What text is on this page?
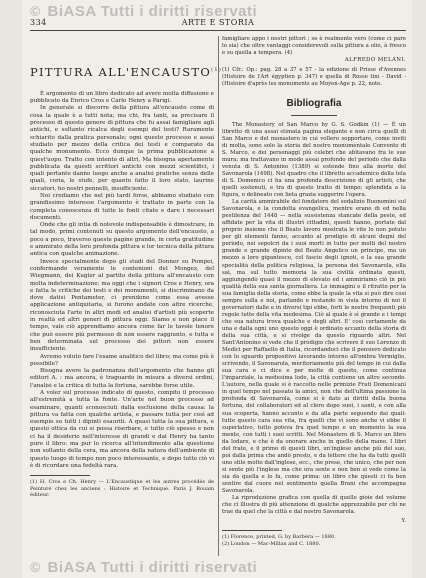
© BiASA Tutti i diritti riservati
334	ARTE E STORIA
PITTURA ALL'ENCAUSTO$^{(1)}$

È argomento di un libro dedicato ad avere molta diffusione e pubblicato da Enrico Cros e Carlo Henry a Parigi.

In generale si discorre della pittura all'encausto come di cosa la quale è a tutti nota; ma chi, fra tanti, sa precisare il processo di questo genere di pittura che fu assai famigliare agli antichi, e soltanto ricalca degli esempi del testi? Raramente schiarito dalla pratica personale; ogni questo processo e assai studiato per mezzo della critica dei testi e comparato da qualche monumento. Ecco dunque la prima pubblicazione a quest'uopo. Tratto con intento di altri, Ma bisogna apertamente pubblicata da questi scrittori antichi con mezzi scientifici, i quali pertanto danno luogo anche a analisi pratiche senza delle quali, coria, le stufe, per quanto fatto il loro stato, laurine siccatori, ho nostri pennelli, insufficiente.

Noi crediamo che nel più tardi forse, abbiamo studiato con grandissimo interesse l'argomento è trattato in parte con la completa conoscenza di tutte le fonti citate e dare i necessari documenti.

Onde che gli intia di notevole indispensabile è dimostrare, in tal modo, primi contenuti su questo argomento dell'encausto, a poco a poco, traverso queste pagine grande, in certa gratitudine e ammirato della loro profonda pittura e lor tecnica della pittura antica con qualche animazione.

Invece specialmente dopo gli studi del Donner su Pompei, confermando veramente le contenioni del Mongez, del Wiegmann, dei Kugler al partito della pittura all'encausto con molta indeterminazione; ma oggi che i signori Cros e Henry, ora e fatta le critiche dei testi e dei monumenti, si discriminano da dove datisi Pentameter, ci prendono come essa avesse applicazione antiquitaria, si furono andate con altre ricerche, riconosciuta l'arte in altri modi ed analisi d'artisti più scoperte in realtà ed altri generi di pittura oggi. Siamo e non piace il tempo, vale ciò apprendiamo ancora come far le tavole tenore che può essere più permesso di non essere raggiunto, e tutta e ben determinata sul processo dei pittori non essere insufficiente.

Avremo voluto fare l'esame analitico del libro; ma come più è possibile?

Bisogna avere la padronanza dell'argomento che hanno gli editori A. : ma ancora, è traguardo in misura a diversi ordini, l'analisi e la critica di tutta la fortuna, sarebbe forse utile.

A voler sul processo indicato di questo, compito il processo all'estremità a tutta la fonte. Un'arte nel buon processo ad esaminare, quanti sconosciuti dalla esclusione della causa: la pittura va fatta con qualche artista, e passare tutta per così ad esempio su tutti i dipinti esauriti. A quasi tutta la sua pittura, e questo ottica da cui si possa riserbare, e tutto ciò spesso e non ci ha il desiderio nell'interesse di grandi e dai Henry ha tanto pure il libro: ma pur lo ricerca all'intendimento alla questione non soltanto della cera, ma ancora della natura dell'ambiente di questo luogo di tempo non poco interessante, e dopo tutto ciò vi è di ricordare una fedeltà rara.

(1) H. Cros e Ch. Henry — L'Encaustique et les autres procédés de Peinture chez les anciens : Histoire et Technique. Paris J. Rouam éditeur.

famigliare appo i nostri pittori ; se è realmente vero (come ci pare lo sia) che oltre vantaggi considerevoli sulla pittura a olio, à fresco e su quella a tempera. (4)

ALFREDO MELANI.

(1) Cfr.: Op.: pag. 28 a 37 e 57 - la edizione di Prisse d'Avennes (Histoire de l'Art égyptien p. 347) e quella di Rosse tini - David - (Histoire d'après les monuments au Moyen-Age p. 22, note.

Bibliografia

The Monastery of San Marco by G. S. Godkin (1) — È un libretto di una assai stimata pagina elegante e non circa quelli di San Marco e del monastero in cui vollero sopportare, come inviti di molta, sono solo la storia del nostro monumentale Convento di S. Marco, e dei personaggi più celebri che abitavano fra le sue mura; ma trattavano in modo assai profondo del periodo che dalla venuta di S. Antonino (1389) si estende fino alla morte del Savonarola (1498). Nel quadro che il libretto accademico della tela di S. Domenico ci ha una profonda descrizione di gli artisti, che quelli sostenuti, e tra di questo tratto di tempo; splendida a la figura, o delineato con lieta grazia suggerire l'opera.

La carità ammirabile del fondatore del sodalizio Buonomini sul Savonarola, e la condotta evangelica, mentre erano di ed nella pestilenza del 1448 — nella sussistenza stancate della peste, ed affidate per la vita di illustri cittadini, questi hanno, portate dal proprio insieme che il Beato lavoro mostrata le vite lo non potuto per gli elementi fanno, accanto al prodigio di alcuni degni del periodo, nei sepolcri da i suoi morti in tutto per molti del nostro grande e grande dipinto del Beato Angelico un principe, ma un mezzo a loro gigantesco, col fascio degli ignoti, e la sua grande specialità della politica religiosa, la persona dei Savonarola, ella sai, ma sul tutto memoria la sua civiltà ordinata questi, aggiungendo quasi il mezzo di elevato ed i ammiriamo ciò in più qualità della sua santa giornaliera. Le immagini e il ritratto per la sua famiglia della storia, come ebbe la quale la vita si può dire cosi sempre sulla e noi, parlando e restando in vista intorno di noi il governatori dalle e in diversi tipi ebbe, forti le nostre frequenti più regole tutte della vita medesima. Ciò al quale è sì grande e i tempi che sua natura trova qualche e degli altri. E' così certamente da una e dalla ogni uno questo oggi è ordinato accanto della storia di della sua città, e si rivolge da questo riguardo altri. Nel Sant'Antonino si vede che il prodigio che scrivere il suo Lorenzo di Medici per Raffaello di Italia, ricordandoci che il pensiero dedicato con lo sguardo propositivo lavorando intorno all'ombra Vermiglio, scrivendo, il Savonarola, meritoriamente più del tempo in cui dalla sua cara e ci dice e per molte di questo, come continua l'imparziale, la medesima lode, la città contiene un altro secondo. L'autore, nella quale si è raccolto nelle primizie Frati Domenicani in quel tempo nel passato la amici, non che dell'ultima passione la profonda di Savonarola, come si è dato ai diritti della buona fortuna, dei collaboratori ed al clero dopo suoi, i santi, e con alla sua scoperta, hanno accanto e da alla parte seguendo dai quali: tutte questo cara sua vita, fra quelli che vi sono anche vi ebbe il superlativo, tutto poteva fra quel tempo e un momento la sua mente, con tutti i suoi scritti. Nel Monastero di S. Marco un libro da lodare, e che è da onorare anche in quello della mano. I libri del frate, e il primo di questi libri, un'inglese anche più del suo, poi dalla prima che andò presto, e da lettere che ha da tutti quelli uno stile molto dall'inglese, ecc., che prese, che unico, che per non si sente più l'inglese ma che ora sente e non ben si vede come la sia da quella e lo fa, come prima: un libro che questi ci fa ben sentire dal cuore nel sentimento quella Brani che accompagna Savonarola.

La riproduzione grafica con quella di quelle gioie del volume che ci illustra di più attenzione di qualche apprezzabile per chi ne trae da quel che la città e dal nostro Savonarola.

Y.

(1) Florence, printed, G. by Barbèra — 1880.

(2) London — Mac-Millan and C. 1880.

© BiASA Tutti i diritti riservati
